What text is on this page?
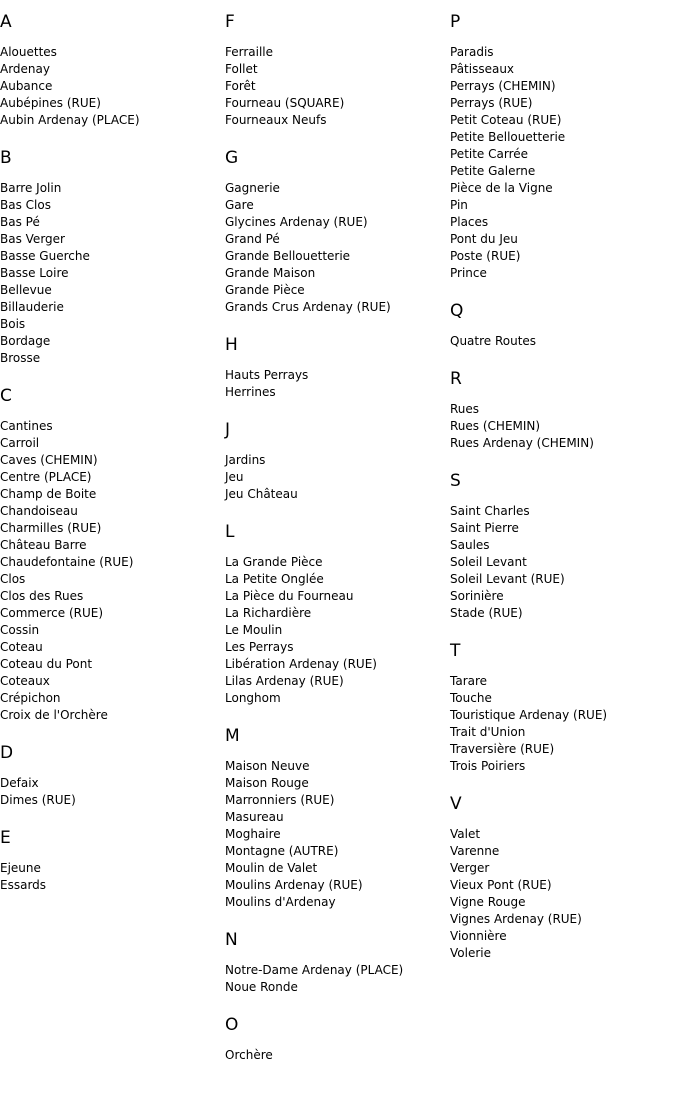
A
Alouettes
Ardenay
Aubance
Aubépines (RUE)
Aubin Ardenay (PLACE)
B
Barre Jolin
Bas Clos
Bas Pé
Bas Verger
Basse Guerche
Basse Loire
Bellevue
Billauderie
Bois
Bordage
Brosse
C
Cantines
Carroil
Caves (CHEMIN)
Centre (PLACE)
Champ de Boite
Chandoiseau
Charmilles (RUE)
Château Barre
Chaudefontaine (RUE)
Clos
Clos des Rues
Commerce (RUE)
Cossin
Coteau
Coteau du Pont
Coteaux
Crépichon
Croix de l'Orchère
D
Defaix
Dimes (RUE)
E
Ejeune
Essards
F
Ferraille
Follet
Forêt
Fourneau (SQUARE)
Fourneaux Neufs
G
Gagnerie
Gare
Glycines Ardenay (RUE)
Grand Pé
Grande Bellouetterie
Grande Maison
Grande Pièce
Grands Crus Ardenay (RUE)
H
Hauts Perrays
Herrines
J
Jardins
Jeu
Jeu Château
L
La Grande Pièce
La Petite Onglée
La Pièce du Fourneau
La Richardière
Le Moulin
Les Perrays
Libération Ardenay (RUE)
Lilas Ardenay (RUE)
Longhom
M
Maison Neuve
Maison Rouge
Marronniers (RUE)
Masureau
Moghaire
Montagne (AUTRE)
Moulin de Valet
Moulins Ardenay (RUE)
Moulins d'Ardenay
N
Notre-Dame Ardenay (PLACE)
Noue Ronde
O
Orchère
P
Paradis
Pâtisseaux
Perrays (CHEMIN)
Perrays (RUE)
Petit Coteau (RUE)
Petite Bellouetterie
Petite Carrée
Petite Galerne
Pièce de la Vigne
Pin
Places
Pont du Jeu
Poste (RUE)
Prince
Q
Quatre Routes
R
Rues
Rues (CHEMIN)
Rues Ardenay (CHEMIN)
S
Saint Charles
Saint Pierre
Saules
Soleil Levant
Soleil Levant (RUE)
Sorinière
Stade (RUE)
T
Tarare
Touche
Touristique Ardenay (RUE)
Trait d'Union
Traversière (RUE)
Trois Poiriers
V
Valet
Varenne
Verger
Vieux Pont (RUE)
Vigne Rouge
Vignes Ardenay (RUE)
Vionnière
Volerie
